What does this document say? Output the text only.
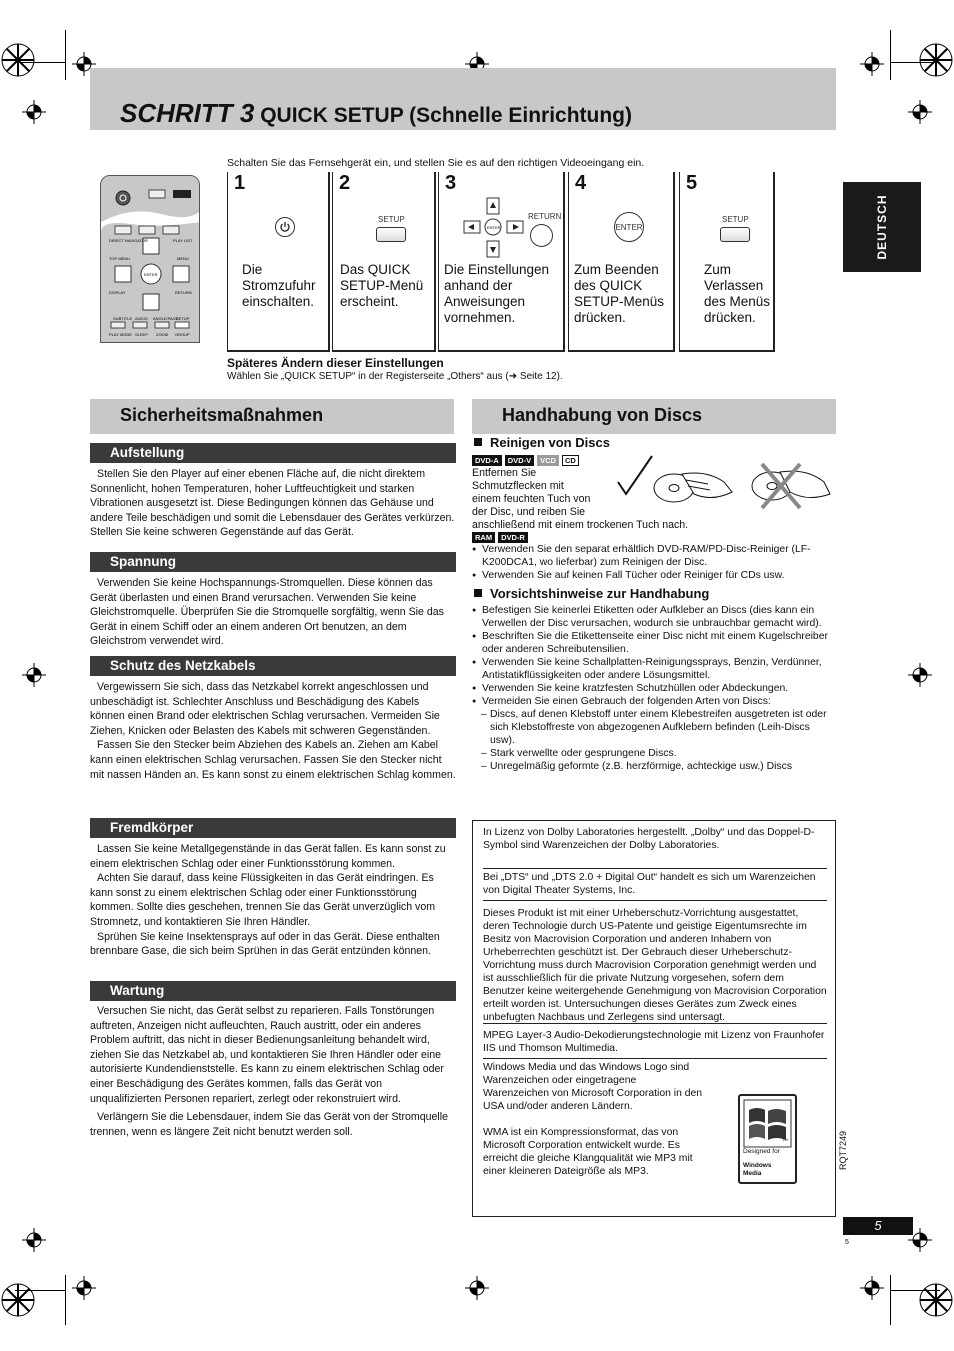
SCHRITT 3 QUICK SETUP (Schnelle Einrichtung)
DEUTSCH
DIRECT NAVIGATOR
TOP MENU
DISPLAY
SUBTITLE AUDIO ANGLE/PAGE
SETUP
PLAY MODE SLEEP ZOOM GROUP
PLAY LIST
MENU
RETURN
ENTER
Schalten Sie das Fernsehgerät ein, und stellen Sie es auf den richtigen Videoeingang ein.
1
Die Stromzufuhr einschalten.
2
SETUP
Das QUICK SETUP-Menü erscheint.
3
ENTER
RETURN
Die Einstellungen anhand der Anweisungen vornehmen.
4
ENTER
Zum Beenden des QUICK SETUP-Menüs drücken.
5
SETUP
Zum Verlassen des Menüs drücken.
Späteres Ändern dieser Einstellungen
Wählen Sie „QUICK SETUP“ in der Registerseite „Others“ aus (➜ Seite 12).
Sicherheitsmaßnahmen
Aufstellung

Stellen Sie den Player auf einer ebenen Fläche auf, die nicht direktem Sonnenlicht, hohen Temperaturen, hoher Luftfeuchtigkeit und starken Vibrationen ausgesetzt ist. Diese Bedingungen können das Gehäuse und andere Teile beschädigen und somit die Lebensdauer des Gerätes verkürzen. Stellen Sie keine schweren Gegenstände auf das Gerät.

Spannung

Verwenden Sie keine Hochspannungs-Stromquellen. Diese können das Gerät überlasten und einen Brand verursachen. Verwenden Sie keine Gleichstromquelle. Überprüfen Sie die Stromquelle sorgfältig, wenn Sie das Gerät in einem Schiff oder an einem anderen Ort benutzen, an dem Gleichstrom verwendet wird.

Schutz des Netzkabels

Vergewissern Sie sich, dass das Netzkabel korrekt angeschlossen und unbeschädigt ist. Schlechter Anschluss und Beschädigung des Kabels können einen Brand oder elektrischen Schlag verursachen. Vermeiden Sie Ziehen, Knicken oder Belasten des Kabels mit schweren Gegenständen.

Fassen Sie den Stecker beim Abziehen des Kabels an. Ziehen am Kabel kann einen elektrischen Schlag verursachen. Fassen Sie den Stecker nicht mit nassen Händen an. Es kann sonst zu einem elektrischen Schlag kommen.

Fremdkörper

Lassen Sie keine Metallgegenstände in das Gerät fallen. Es kann sonst zu einem elektrischen Schlag oder einer Funktionsstörung kommen.

Achten Sie darauf, dass keine Flüssigkeiten in das Gerät eindringen. Es kann sonst zu einem elektrischen Schlag oder einer Funktionsstörung kommen. Sollte dies geschehen, trennen Sie das Gerät unverzüglich vom Stromnetz, und kontaktieren Sie Ihren Händler.

Sprühen Sie keine Insektensprays auf oder in das Gerät. Diese enthalten brennbare Gase, die sich beim Sprühen in das Gerät entzünden können.

Wartung

Versuchen Sie nicht, das Gerät selbst zu reparieren. Falls Tonstörungen auftreten, Anzeigen nicht aufleuchten, Rauch austritt, oder ein anderes Problem auftritt, das nicht in dieser Bedienungsanleitung behandelt wird, ziehen Sie das Netzkabel ab, und kontaktieren Sie Ihren Händler oder eine autorisierte Kundendienststelle. Es kann zu einem elektrischen Schlag oder einer Beschädigung des Gerätes kommen, falls das Gerät von unqualifizierten Personen repariert, zerlegt oder rekonstruiert wird.

Verlängern Sie die Lebensdauer, indem Sie das Gerät von der Stromquelle trennen, wenn es längere Zeit nicht benutzt werden soll.

Handhabung von Discs
Reinigen von Discs
DVD-A	DVD-V	VCD	CD
Entfernen Sie
Schmutzflecken mit
einem feuchten Tuch von
der Disc, und reiben Sie
anschließend mit einem trockenen Tuch nach.
RAM	DVD-R
● Verwenden Sie den separat erhältlich DVD-RAM/PD-Disc-Reiniger (LF-K200DCA1, wo lieferbar) zum Reinigen der Disc.
● Verwenden Sie auf keinen Fall Tücher oder Reiniger für CDs usw.
Vorsichtshinweise zur Handhabung
● Befestigen Sie keinerlei Etiketten oder Aufkleber an Discs (dies kann ein Verwellen der Disc verursachen, wodurch sie unbrauchbar gemacht wird).
● Beschriften Sie die Etikettenseite einer Disc nicht mit einem Kugelschreiber oder anderen Schreibutensilien.
● Verwenden Sie keine Schallplatten-Reinigungssprays, Benzin, Verdünner, Antistatikflüssigkeiten oder andere Lösungsmittel.
● Verwenden Sie keine kratzfesten Schutzhüllen oder Abdeckungen.
● Vermeiden Sie einen Gebrauch der folgenden Arten von Discs:
– Discs, auf denen Klebstoff unter einem Klebestreifen ausgetreten ist oder sich Klebstoffreste von abgezogenen Aufklebern befinden (Leih-Discs usw).
– Stark verwellte oder gesprungene Discs.
– Unregelmäßig geformte (z.B. herzförmige, achteckige usw.) Discs
In Lizenz von Dolby Laboratories hergestellt. „Dolby“ und das Doppel-D-Symbol sind Warenzeichen der Dolby Laboratories.
Bei „DTS“ und „DTS 2.0 + Digital Out“ handelt es sich um Warenzeichen von Digital Theater Systems, Inc.
Dieses Produkt ist mit einer Urheberschutz-Vorrichtung ausgestattet, deren Technologie durch US-Patente und geistige Eigentumsrechte im Besitz von Macrovision Corporation und anderen Inhabern von Urheberrechten geschützt ist. Der Gebrauch dieser Urheberschutz-Vorrichtung muss durch Macrovision Corporation genehmigt werden und ist ausschließlich für die private Nutzung vorgesehen, sofern dem Benutzer keine weitergehende Genehmigung von Macrovision Corporation erteilt worden ist. Untersuchungen dieses Gerätes zum Zweck eines unbefugten Nachbaus und Zerlegens sind untersagt.
MPEG Layer-3 Audio-Dekodierungstechnologie mit Lizenz von Fraunhofer IIS und Thomson Multimedia.
Windows Media und das Windows Logo sind Warenzeichen oder eingetragene Warenzeichen von Microsoft Corporation in den USA und/oder anderen Ländern.
WMA ist ein Kompressionsformat, das von Microsoft Corporation entwickelt wurde. Es erreicht die gleiche Klangqualität wie MP3 mit einer kleineren Dateigröße als MP3.
TM
Designed for
Windows Media
RQT7249
5
5
